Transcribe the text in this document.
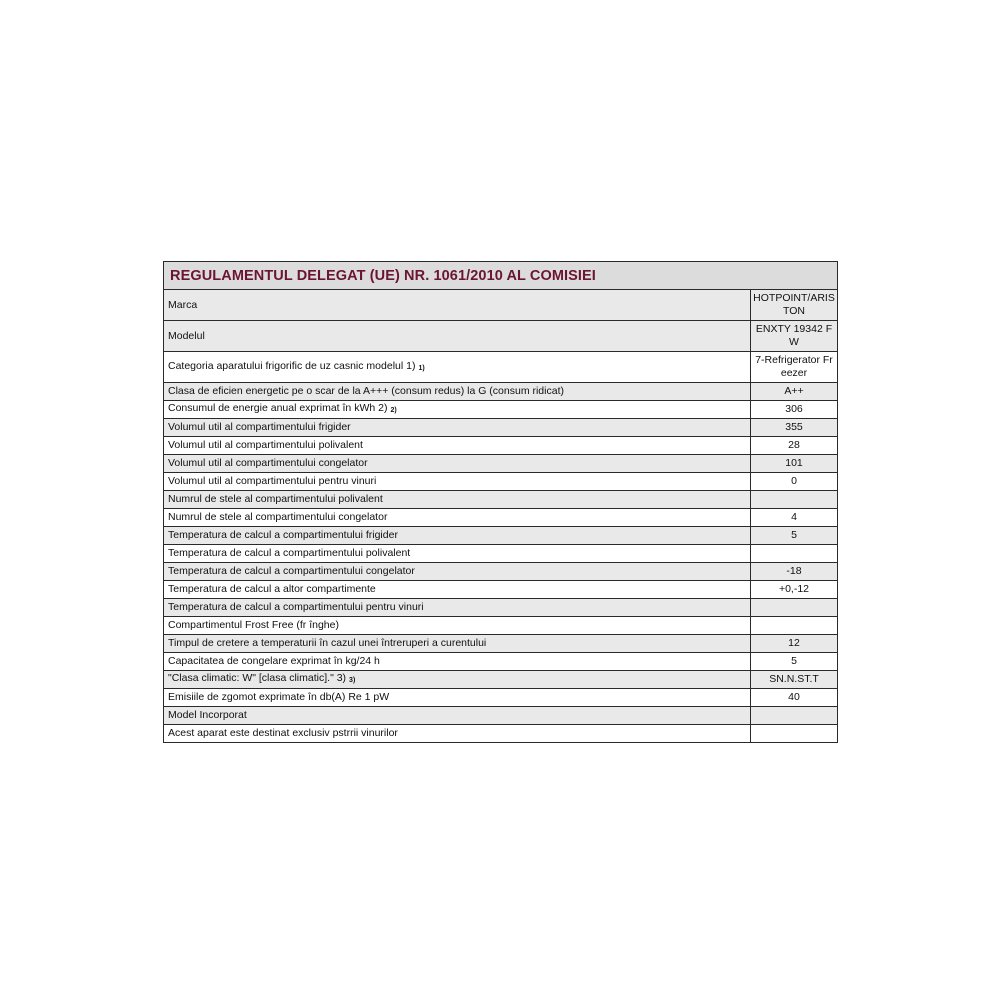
REGULAMENTUL DELEGAT (UE) NR. 1061/2010 AL COMISIEI
Marca	HOTPOINT/ARISTON
Modelul	ENXTY 19342 FW
Categoria aparatului frigorific de uz casnic modelul 1) 1)	7-Refrigerator Freezer
Clasa de eficien energetic pe o scar de la A+++ (consum redus) la G (consum ridicat)	A++
Consumul de energie anual exprimat în kWh 2) 2)	306
Volumul util al compartimentului frigider	355
Volumul util al compartimentului polivalent	28
Volumul util al compartimentului congelator	101
Volumul util al compartimentului pentru vinuri	0
Numrul de stele al compartimentului polivalent	
Numrul de stele al compartimentului congelator	4
Temperatura de calcul a compartimentului frigider	5
Temperatura de calcul a compartimentului polivalent	
Temperatura de calcul a compartimentului congelator	-18
Temperatura de calcul a altor compartimente	+0,-12
Temperatura de calcul a compartimentului pentru vinuri	
Compartimentul Frost Free (fr înghe)	
Timpul de cretere a temperaturii în cazul unei întreruperi a curentului	12
Capacitatea de congelare exprimat în kg/24 h	5
"Clasa climatic: W" [clasa climatic]." 3) 3)	SN.N.ST.T
Emisiile de zgomot exprimate în db(A) Re 1 pW	40
Model Incorporat	
Acest aparat este destinat exclusiv pstrrii vinurilor	
